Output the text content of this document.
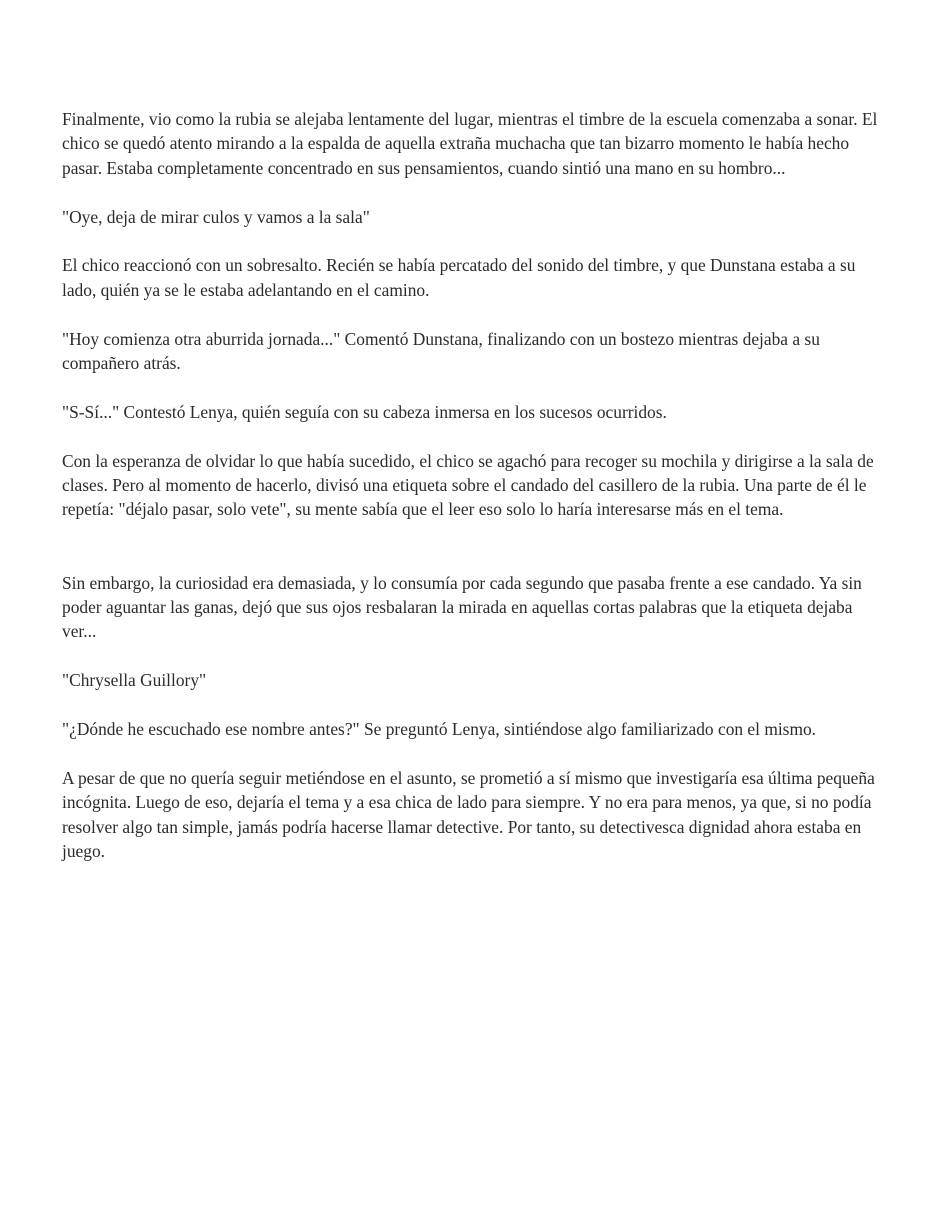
Finalmente, vio como la rubia se alejaba lentamente del lugar, mientras el timbre de la escuela comenzaba a sonar. El chico se quedó atento mirando a la espalda de aquella extraña muchacha que tan bizarro momento le había hecho pasar. Estaba completamente concentrado en sus pensamientos, cuando sintió una mano en su hombro...

"Oye, deja de mirar culos y vamos a la sala"

El chico reaccionó con un sobresalto. Recién se había percatado del sonido del timbre, y que Dunstana estaba a su lado, quién ya se le estaba adelantando en el camino.

"Hoy comienza otra aburrida jornada..." Comentó Dunstana, finalizando con un bostezo mientras dejaba a su compañero atrás.

"S-Sí..." Contestó Lenya, quién seguía con su cabeza inmersa en los sucesos ocurridos.

Con la esperanza de olvidar lo que había sucedido, el chico se agachó para recoger su mochila y dirigirse a la sala de clases. Pero al momento de hacerlo, divisó una etiqueta sobre el candado del casillero de la rubia. Una parte de él le repetía: "déjalo pasar, solo vete", su mente sabía que el leer eso solo lo haría interesarse más en el tema.

Sin embargo, la curiosidad era demasiada, y lo consumía por cada segundo que pasaba frente a ese candado. Ya sin poder aguantar las ganas, dejó que sus ojos resbalaran la mirada en aquellas cortas palabras que la etiqueta dejaba ver...

"Chrysella Guillory"

"¿Dónde he escuchado ese nombre antes?" Se preguntó Lenya, sintiéndose algo familiarizado con el mismo.

A pesar de que no quería seguir metiéndose en el asunto, se prometió a sí mismo que investigaría esa última pequeña incógnita. Luego de eso, dejaría el tema y a esa chica de lado para siempre. Y no era para menos, ya que, si no podía resolver algo tan simple, jamás podría hacerse llamar detective. Por tanto, su detectivesca dignidad ahora estaba en juego.
